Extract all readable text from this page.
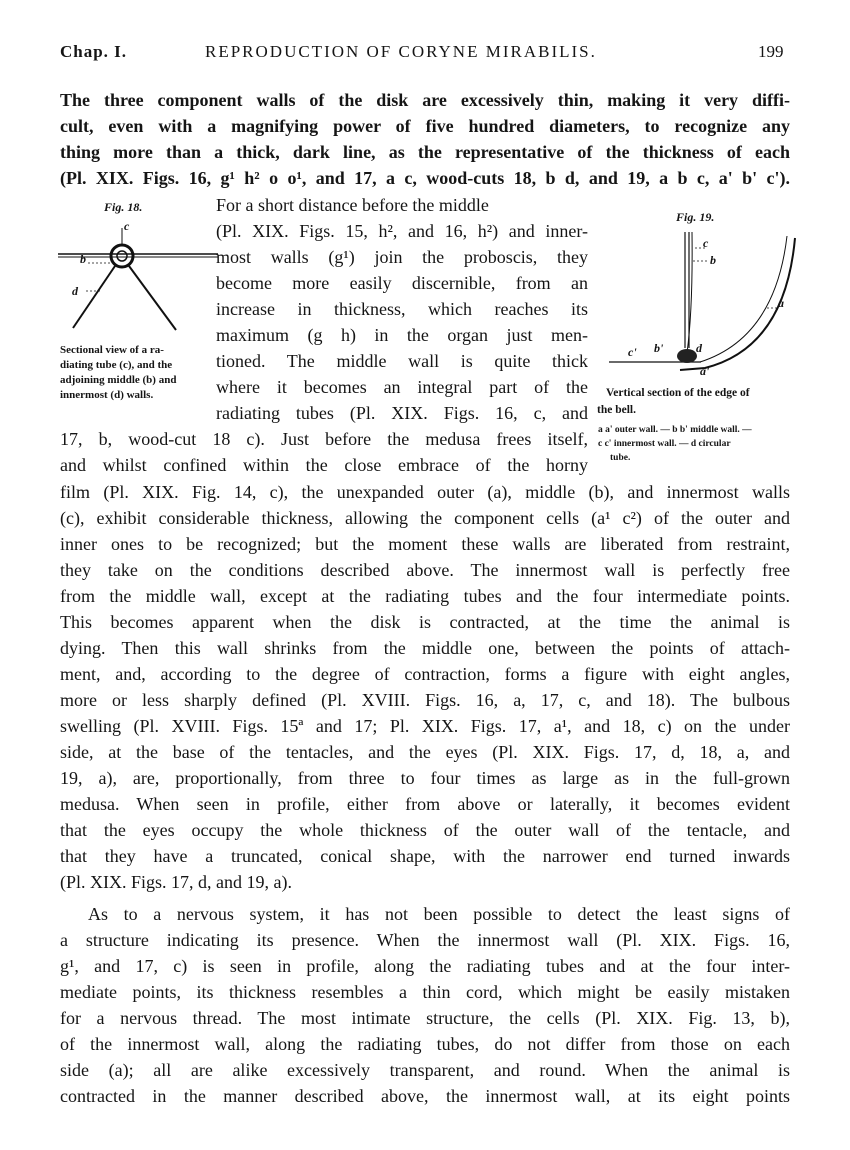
Chap. I.	REPRODUCTION OF CORYNE MIRABILIS.	199
The three component walls of the disk are excessively thin, making it very diffi-
cult, even with a magnifying power of five hundred diameters, to recognize any
thing more than a thick, dark line, as the representative of the thickness of each
(Pl. XIX. Figs. 16, g¹ h² o o¹, and 17, a c, wood-cuts 18, b d, and 19, a b c, a' b' c').
Fig. 18.
c
b
d
Sectional view of a ra-
diating tube (c), and the
adjoining middle (b) and
innermost (d) walls.
For a short distance before the middle
(Pl. XIX. Figs. 15, h², and 16, h²) and inner-
most walls (g¹) join the proboscis, they
become more easily discernible, from an
increase in thickness, which reaches its
maximum (g h) in the organ just men-
tioned. The middle wall is quite thick
where it becomes an integral part of the
radiating tubes (Pl. XIX. Figs. 16, c, and
17, b, wood-cut 18 c). Just before the medusa frees itself,
and whilst confined within the close embrace of the horny
Fig. 19.
c
b
a
c' b'	d
a'
Vertical section of the edge of
the bell.
a a' outer wall. — b b' middle wall. —
c c' innermost wall. — d circular
tube.
film (Pl. XIX. Fig. 14, c), the unexpanded outer (a), middle (b), and innermost walls
(c), exhibit considerable thickness, allowing the component cells (a¹ c²) of the outer and
inner ones to be recognized; but the moment these walls are liberated from restraint,
they take on the conditions described above. The innermost wall is perfectly free
from the middle wall, except at the radiating tubes and the four intermediate points.
This becomes apparent when the disk is contracted, at the time the animal is
dying. Then this wall shrinks from the middle one, between the points of attach-
ment, and, according to the degree of contraction, forms a figure with eight angles,
more or less sharply defined (Pl. XVIII. Figs. 16, a, 17, c, and 18). The bulbous
swelling (Pl. XVIII. Figs. 15ª and 17; Pl. XIX. Figs. 17, a¹, and 18, c) on the under
side, at the base of the tentacles, and the eyes (Pl. XIX. Figs. 17, d, 18, a, and
19, a), are, proportionally, from three to four times as large as in the full-grown
medusa. When seen in profile, either from above or laterally, it becomes evident
that the eyes occupy the whole thickness of the outer wall of the tentacle, and
that they have a truncated, conical shape, with the narrower end turned inwards
(Pl. XIX. Figs. 17, d, and 19, a).
As to a nervous system, it has not been possible to detect the least signs of
a structure indicating its presence. When the innermost wall (Pl. XIX. Figs. 16,
g¹, and 17, c) is seen in profile, along the radiating tubes and at the four inter-
mediate points, its thickness resembles a thin cord, which might be easily mistaken
for a nervous thread. The most intimate structure, the cells (Pl. XIX. Fig. 13, b),
of the innermost wall, along the radiating tubes, do not differ from those on each
side (a); all are alike excessively transparent, and round. When the animal is
contracted in the manner described above, the innermost wall, at its eight points
